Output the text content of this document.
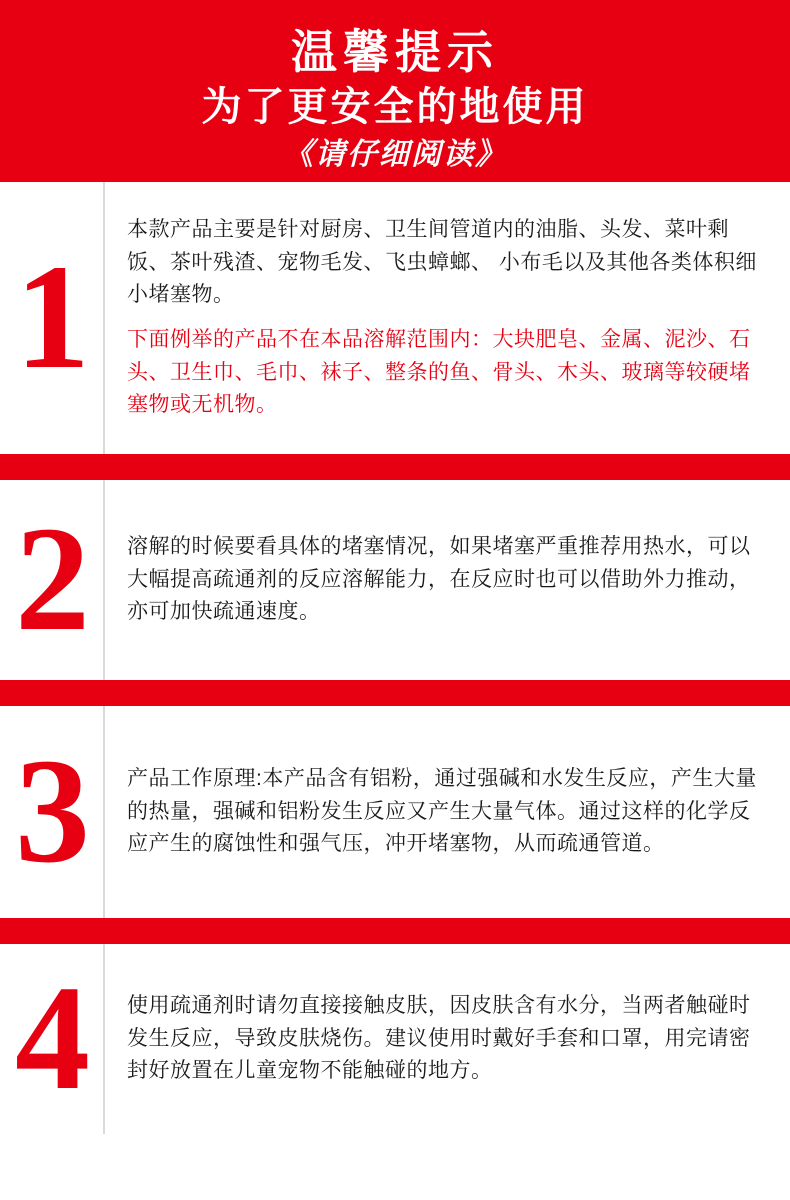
温馨提示
为了更安全的地使用
《请仔细阅读》
1

本款产品主要是针对厨房、卫生间管道内的油脂、头发、菜叶剩饭、茶叶残渣、宠物毛发、飞虫蟑螂、 小布毛以及其他各类体积细小堵塞物。

下面例举的产品不在本品溶解范围内：大块肥皂、金属、泥沙、石头、卫生巾、毛巾、袜子、整条的鱼、骨头、木头、玻璃等较硬堵塞物或无机物。

2 溶解的时候要看具体的堵塞情况，如果堵塞严重推荐用热水，可以大幅提高疏通剂的反应溶解能力，在反应时也可以借助外力推动，亦可加快疏通速度。

3 产品工作原理:本产品含有铝粉，通过强碱和水发生反应，产生大量的热量，强碱和铝粉发生反应又产生大量气体。通过这样的化学反应产生的腐蚀性和强气压，冲开堵塞物，从而疏通管道。

4 使用疏通剂时请勿直接接触皮肤，因皮肤含有水分，当两者触碰时发生反应，导致皮肤烧伤。建议使用时戴好手套和口罩，用完请密封好放置在儿童宠物不能触碰的地方。
